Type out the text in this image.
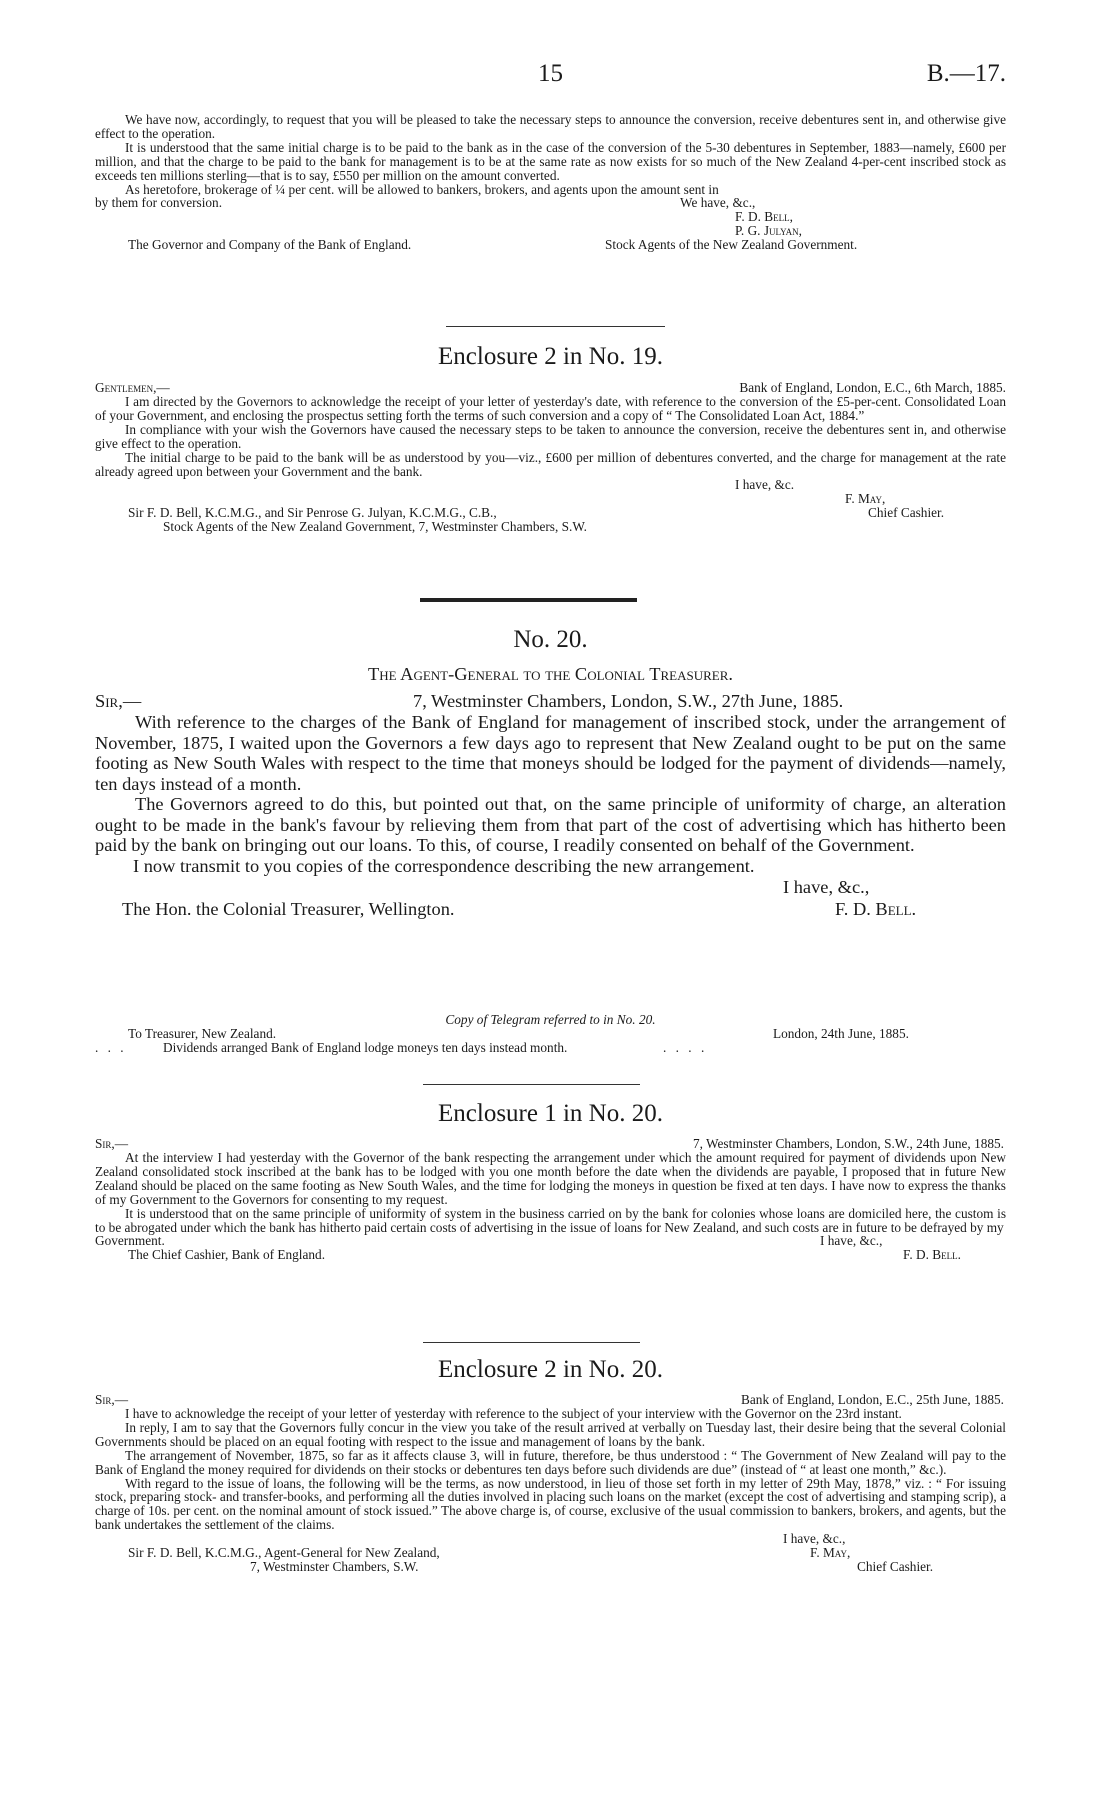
15	B.—17.

We have now, accordingly, to request that you will be pleased to take the necessary steps to announce the conversion, receive debentures sent in, and otherwise give effect to the operation.

It is understood that the same initial charge is to be paid to the bank as in the case of the conversion of the 5-30 debentures in September, 1883—namely, £600 per million, and that the charge to be paid to the bank for management is to be at the same rate as now exists for so much of the New Zealand 4-per-cent inscribed stock as exceeds ten millions sterling—that is to say, £550 per million on the amount converted.

As heretofore, brokerage of ¼ per cent. will be allowed to bankers, brokers, and agents upon the amount sent in

by them for conversion.	We have, &c.,
F. D. Bell,
P. G. Julyan,
The Governor and Company of the Bank of England.	Stock Agents of the New Zealand Government.
Enclosure 2 in No. 19.
Gentlemen,—	Bank of England, London, E.C., 6th March, 1885.

I am directed by the Governors to acknowledge the receipt of your letter of yesterday's date, with reference to the conversion of the £5-per-cent. Consolidated Loan of your Government, and enclosing the prospectus setting forth the terms of such conversion and a copy of “ The Consolidated Loan Act, 1884.”

In compliance with your wish the Governors have caused the necessary steps to be taken to announce the conversion, receive the debentures sent in, and otherwise give effect to the operation.

The initial charge to be paid to the bank will be as understood by you—viz., £600 per million of debentures converted, and the charge for management at the rate already agreed upon between your Government and the bank.

I have, &c.
F. May,
Sir F. D. Bell, K.C.M.G., and Sir Penrose G. Julyan, K.C.M.G., C.B.,	Chief Cashier.
Stock Agents of the New Zealand Government, 7, Westminster Chambers, S.W.
No. 20.
The Agent-General to the Colonial Treasurer.
Sir,—	7, Westminster Chambers, London, S.W., 27th June, 1885.

With reference to the charges of the Bank of England for management of inscribed stock, under the arrangement of November, 1875, I waited upon the Governors a few days ago to represent that New Zealand ought to be put on the same footing as New South Wales with respect to the time that moneys should be lodged for the payment of dividends—namely, ten days instead of a month.

The Governors agreed to do this, but pointed out that, on the same principle of uniformity of charge, an alteration ought to be made in the bank's favour by relieving them from that part of the cost of advertising which has hitherto been paid by the bank on bringing out our loans. To this, of course, I readily consented on behalf of the Government.

I now transmit to you copies of the correspondence describing the new arrangement.

I have, &c.,
The Hon. the Colonial Treasurer, Wellington.	F. D. Bell.
Copy of Telegram referred to in No. 20.
To Treasurer, New Zealand.	London, 24th June, 1885.
. . .	Dividends arranged Bank of England lodge moneys ten days instead month.	. . . .
Enclosure 1 in No. 20.
Sir,—	7, Westminster Chambers, London, S.W., 24th June, 1885.

At the interview I had yesterday with the Governor of the bank respecting the arrangement under which the amount required for payment of dividends upon New Zealand consolidated stock inscribed at the bank has to be lodged with you one month before the date when the dividends are payable, I proposed that in future New Zealand should be placed on the same footing as New South Wales, and the time for lodging the moneys in question be fixed at ten days. I have now to express the thanks of my Government to the Governors for consenting to my request.

It is understood that on the same principle of uniformity of system in the business carried on by the bank for colonies whose loans are domiciled here, the custom is to be abrogated under which the bank has hitherto paid certain costs of advertising in the issue of loans for New Zealand, and such costs are in future to be defrayed by my

Government.	I have, &c.,
The Chief Cashier, Bank of England.	F. D. Bell.
Enclosure 2 in No. 20.
Sir,—	Bank of England, London, E.C., 25th June, 1885.

I have to acknowledge the receipt of your letter of yesterday with reference to the subject of your interview with the Governor on the 23rd instant.

In reply, I am to say that the Governors fully concur in the view you take of the result arrived at verbally on Tuesday last, their desire being that the several Colonial Governments should be placed on an equal footing with respect to the issue and management of loans by the bank.

The arrangement of November, 1875, so far as it affects clause 3, will in future, therefore, be thus understood : “ The Government of New Zealand will pay to the Bank of England the money required for dividends on their stocks or debentures ten days before such dividends are due” (instead of “ at least one month,” &c.).

With regard to the issue of loans, the following will be the terms, as now understood, in lieu of those set forth in my letter of 29th May, 1878,” viz. : “ For issuing stock, preparing stock- and transfer-books, and performing all the duties involved in placing such loans on the market (except the cost of advertising and stamping scrip), a charge of 10s. per cent. on the nominal amount of stock issued.” The above charge is, of course, exclusive of the usual commission to bankers, brokers, and agents, but the bank undertakes the settlement of the claims.

I have, &c.,
Sir F. D. Bell, K.C.M.G., Agent-General for New Zealand,	F. May,
7, Westminster Chambers, S.W.	Chief Cashier.
